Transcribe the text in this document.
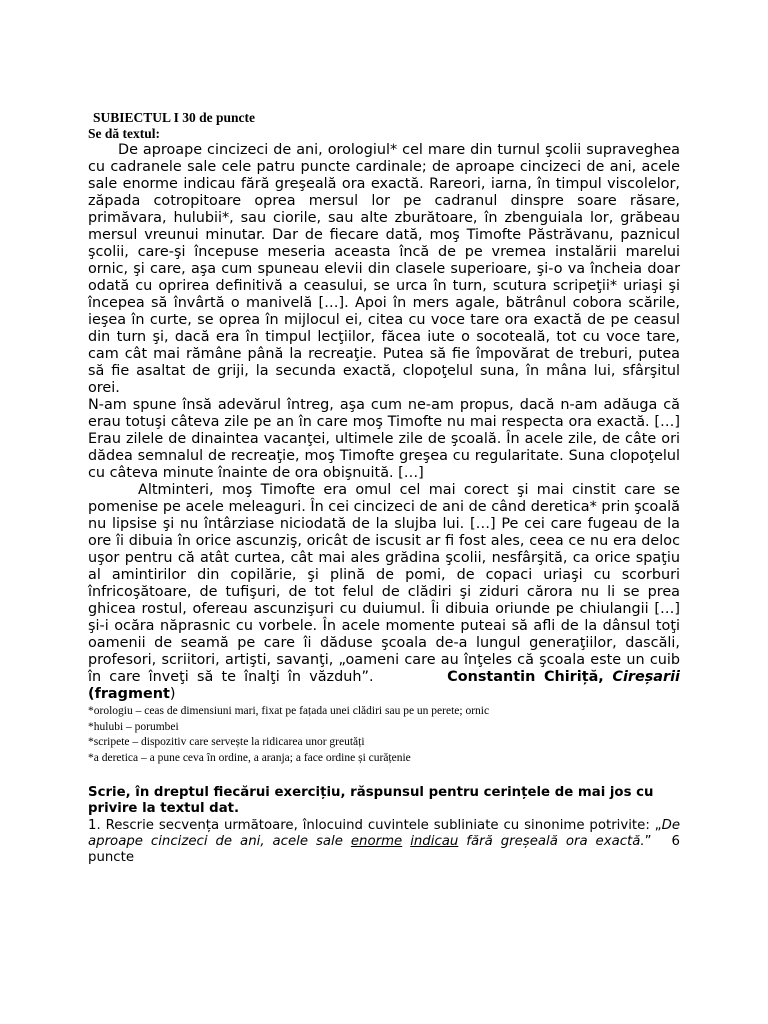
SUBIECTUL I 30 de puncte
Se dă textul:

De aproape cincizeci de ani, orologiul* cel mare din turnul şcolii supraveghea cu cadranele sale cele patru puncte cardinale; de aproape cincizeci de ani, acele sale enorme indicau fără greşeală ora exactă. Rareori, iarna, în timpul viscolelor, zăpada cotropitoare oprea mersul lor pe cadranul dinspre soare răsare, primăvara, hulubii*, sau ciorile, sau alte zburătoare, în zbenguiala lor, grăbeau mersul vreunui minutar. Dar de fiecare dată, moş Timofte Păstrăvanu, paznicul şcolii, care-şi începuse meseria aceasta încă de pe vremea instalării marelui ornic, şi care, aşa cum spuneau elevii din clasele superioare, şi-o va încheia doar odată cu oprirea definitivă a ceasului, se urca în turn, scutura scripeţii* uriaşi şi începea să învârtă o manivelă […]. Apoi în mers agale, bătrânul cobora scările, ieşea în curte, se oprea în mijlocul ei, citea cu voce tare ora exactă de pe ceasul din turn şi, dacă era în timpul lecţiilor, făcea iute o socoteală, tot cu voce tare, cam cât mai rămâne până la recreaţie. Putea să fie împovărat de treburi, putea să fie asaltat de griji, la secunda exactă, clopoţelul suna, în mâna lui, sfârşitul orei.

N-am spune însă adevărul întreg, aşa cum ne-am propus, dacă n-am adăuga că erau totuşi câteva zile pe an în care moş Timofte nu mai respecta ora exactă. […] Erau zilele de dinaintea vacanţei, ultimele zile de şcoală. În acele zile, de câte ori dădea semnalul de recreaţie, moş Timofte greşea cu regularitate. Suna clopoţelul cu câteva minute înainte de ora obişnuită. […]

Altminteri, moş Timofte era omul cel mai corect şi mai cinstit care se pomenise pe acele meleaguri. În cei cincizeci de ani de când deretica* prin şcoală nu lipsise şi nu întârziase niciodată de la slujba lui. […] Pe cei care fugeau de la ore îi dibuia în orice ascunziş, oricât de iscusit ar fi fost ales, ceea ce nu era deloc uşor pentru că atât curtea, cât mai ales grădina şcolii, nesfârşită, ca orice spaţiu al amintirilor din copilărie, şi plină de pomi, de copaci uriaşi cu scorburi înfricoşătoare, de tufişuri, de tot felul de clădiri şi ziduri cărora nu li se prea ghicea rostul, ofereau ascunzişuri cu duiumul. Îi dibuia oriunde pe chiulangii […] şi-i ocăra năprasnic cu vorbele. În acele momente puteai să afli de la dânsul toţi oamenii de seamă pe care îi dăduse şcoala de-a lungul generaţiilor, dascăli, profesori, scriitori, artişti, savanţi, „oameni care au înţeles că şcoala este un cuib în care înveţi să te înalţi în văzduh”.	Constantin Chiriță, Cireșarii (fragment)

*orologiu – ceas de dimensiuni mari, fixat pe fațada unei clădiri sau pe un perete; ornic
*hulubi – porumbei
*scripete – dispozitiv care servește la ridicarea unor greutăți
*a deretica – a pune ceva în ordine, a aranja; a face ordine și curățenie
Scrie, în dreptul fiecărui exercițiu, răspunsul pentru cerințele de mai jos cu privire la textul dat.

1. Rescrie secvența următoare, înlocuind cuvintele subliniate cu sinonime potrivite: „De aproape cincizeci de ani, acele sale enorme indicau fără greșeală ora exactă.” 6 puncte
